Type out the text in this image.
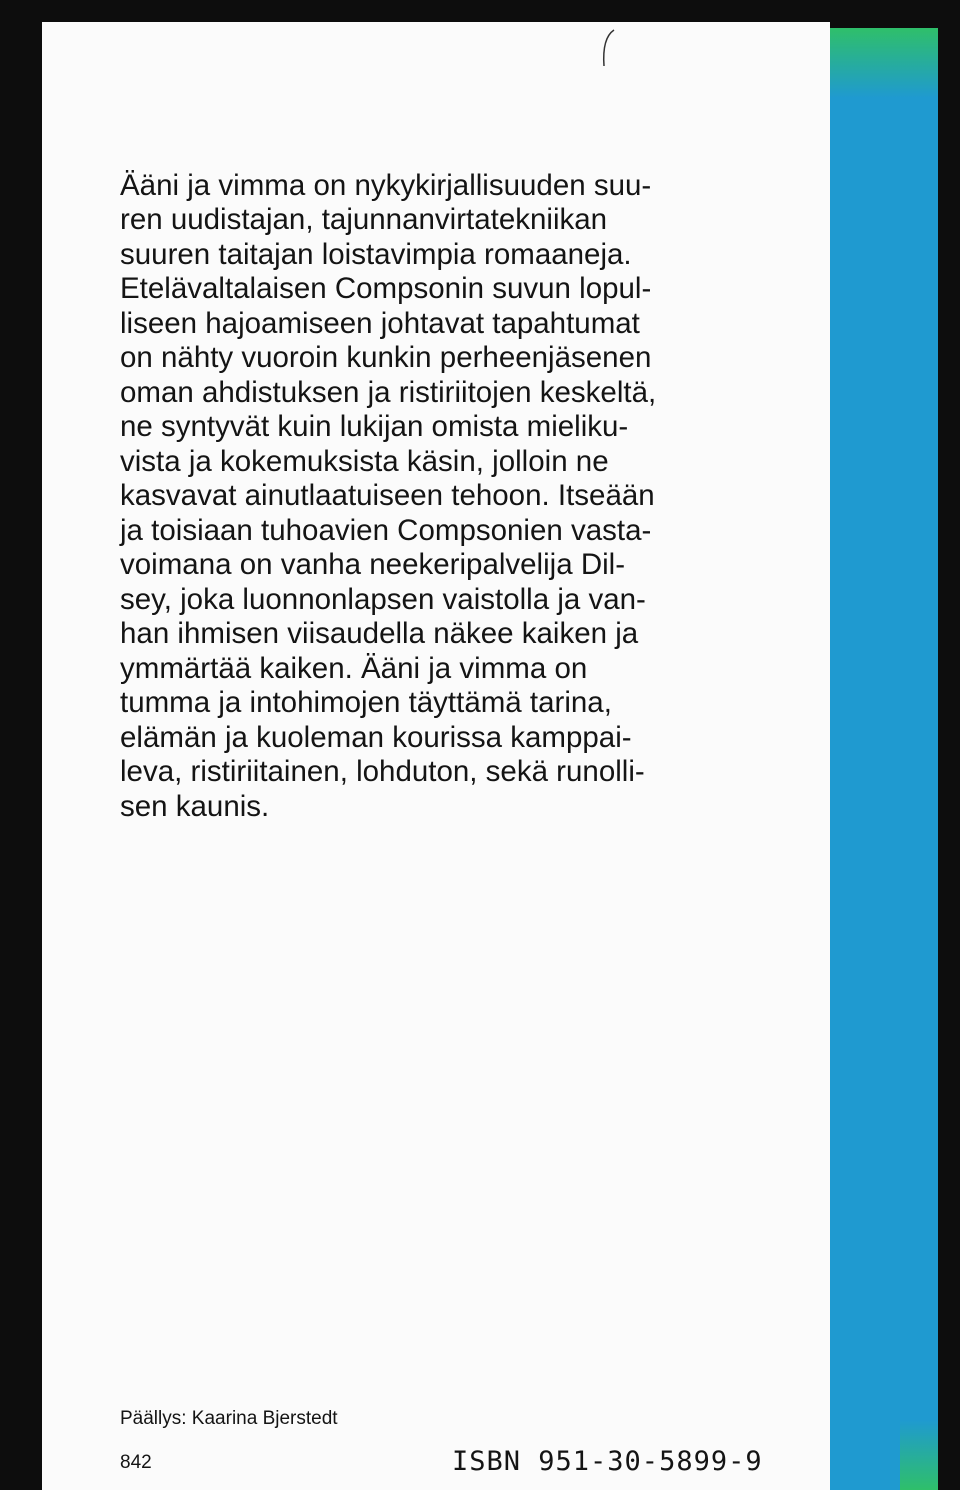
Ääni ja vimma on nykykirjallisuuden suu-
ren uudistajan, tajunnanvirtatekniikan
suuren taitajan loistavimpia romaaneja.
Etelävaltalaisen Compsonin suvun lopul-
liseen hajoamiseen johtavat tapahtumat
on nähty vuoroin kunkin perheenjäsenen
oman ahdistuksen ja ristiriitojen keskeltä,
ne syntyvät kuin lukijan omista mieliku-
vista ja kokemuksista käsin, jolloin ne
kasvavat ainutlaatuiseen tehoon. Itseään
ja toisiaan tuhoavien Compsonien vasta-
voimana on vanha neekeripalvelija Dil-
sey, joka luonnonlapsen vaistolla ja van-
han ihmisen viisaudella näkee kaiken ja
ymmärtää kaiken. Ääni ja vimma on
tumma ja intohimojen täyttämä tarina,
elämän ja kuoleman kourissa kamppai-
leva, ristiriitainen, lohduton, sekä runolli-
sen kaunis.

Päällys: Kaarina Bjerstedt
842	ISBN 951-30-5899-9
